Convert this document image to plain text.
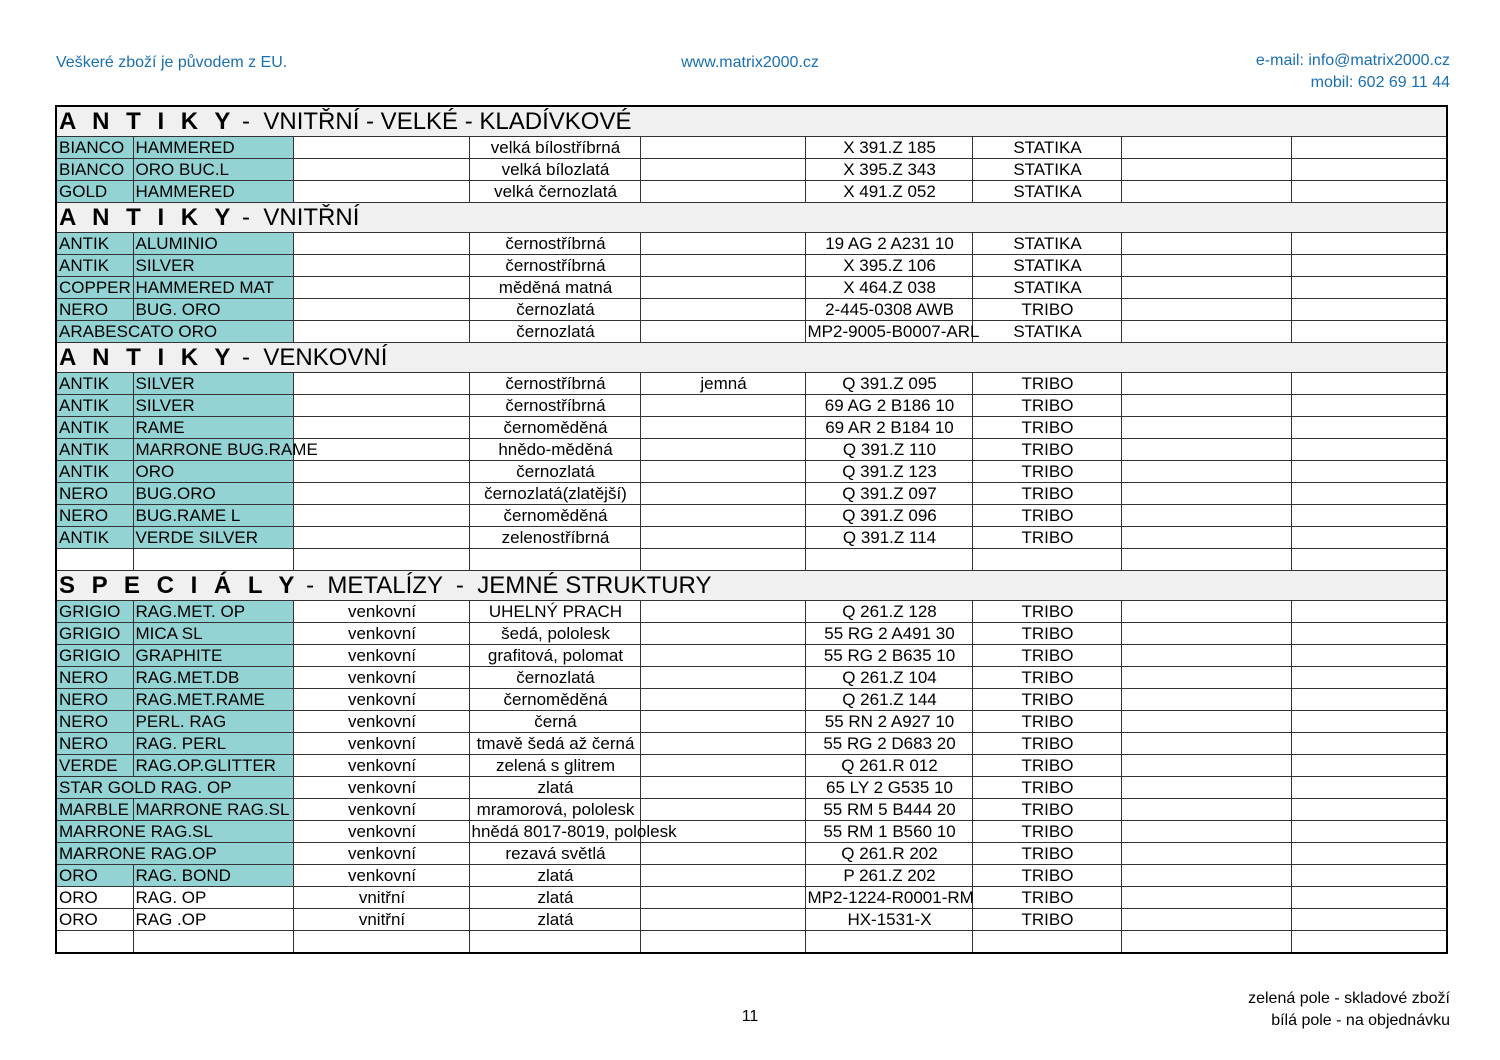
Veškeré zboží je původem z EU.	www.matrix2000.cz	e-mail: info@matrix2000.cz
mobil: 602 69 11 44
A N T I K Y -  VNITŘNÍ - VELKÉ - KLADÍVKOVÉ								
BIANCO	HAMMERED		velká bílostříbrná		X 391.Z 185	STATIKA		
BIANCO	ORO BUC.L		velká bílozlatá		X 395.Z 343	STATIKA		
GOLD	HAMMERED		velká černozlatá		X 491.Z 052	STATIKA		
A N T I K Y -  VNITŘNÍ								
ANTIK	ALUMINIO		černostříbrná		19 AG 2 A231 10	STATIKA		
ANTIK	SILVER		černostříbrná		X 395.Z 106	STATIKA		
COPPER	HAMMERED MAT		měděná matná		X 464.Z 038	STATIKA		
NERO	BUG. ORO		černozlatá		2-445-0308 AWB	TRIBO		
ARABESCATO ORO			černozlatá		MP2-9005-B0007-ARL	STATIKA		
A N T I K Y -  VENKOVNÍ								
ANTIK	SILVER		černostříbrná	jemná	Q 391.Z 095	TRIBO		
ANTIK	SILVER		černostříbrná		69 AG 2 B186 10	TRIBO		
ANTIK	RAME		černoměděná		69 AR 2 B184 10	TRIBO		
ANTIK	MARRONE BUG.RAME		hnědo-měděná		Q 391.Z 110	TRIBO		
ANTIK	ORO		černozlatá		Q 391.Z 123	TRIBO		
NERO	BUG.ORO		černozlatá(zlatější)		Q 391.Z 097	TRIBO		
NERO	BUG.RAME L		černoměděná		Q 391.Z 096	TRIBO		
ANTIK	VERDE SILVER		zelenostříbrná		Q 391.Z 114	TRIBO		

S P E C I Á L Y -  METALÍZY  -  JEMNÉ STRUKTURY								
GRIGIO	RAG.MET. OP	venkovní	UHELNÝ PRACH		Q 261.Z 128	TRIBO		
GRIGIO	MICA SL	venkovní	šedá, pololesk		55 RG 2 A491 30	TRIBO		
GRIGIO	GRAPHITE	venkovní	grafitová, polomat		55 RG 2 B635 10	TRIBO		
NERO	RAG.MET.DB	venkovní	černozlatá		Q 261.Z 104	TRIBO		
NERO	RAG.MET.RAME	venkovní	černoměděná		Q 261.Z 144	TRIBO		
NERO	PERL. RAG	venkovní	černá		55 RN 2 A927 10	TRIBO		
NERO	RAG. PERL	venkovní	tmavě šedá až černá		55 RG 2 D683 20	TRIBO		
VERDE	RAG.OP.GLITTER	venkovní	zelená s glitrem		Q 261.R 012	TRIBO		
STAR GOLD RAG. OP		venkovní	zlatá		65 LY 2 G535 10	TRIBO		
MARBLE	MARRONE RAG.SL	venkovní	mramorová, pololesk		55 RM 5 B444 20	TRIBO		
MARRONE RAG.SL		venkovní	hnědá 8017-8019, pololesk		55 RM 1 B560 10	TRIBO		
MARRONE RAG.OP		venkovní	rezavá světlá		Q 261.R 202	TRIBO		
ORO	RAG. BOND	venkovní	zlatá		P 261.Z 202	TRIBO		
ORO	RAG. OP	vnitřní	zlatá		MP2-1224-R0001-RM	TRIBO		
ORO	RAG .OP	vnitřní	zlatá		HX-1531-X	TRIBO		

11
zelená pole - skladové zboží
bílá pole - na objednávku
